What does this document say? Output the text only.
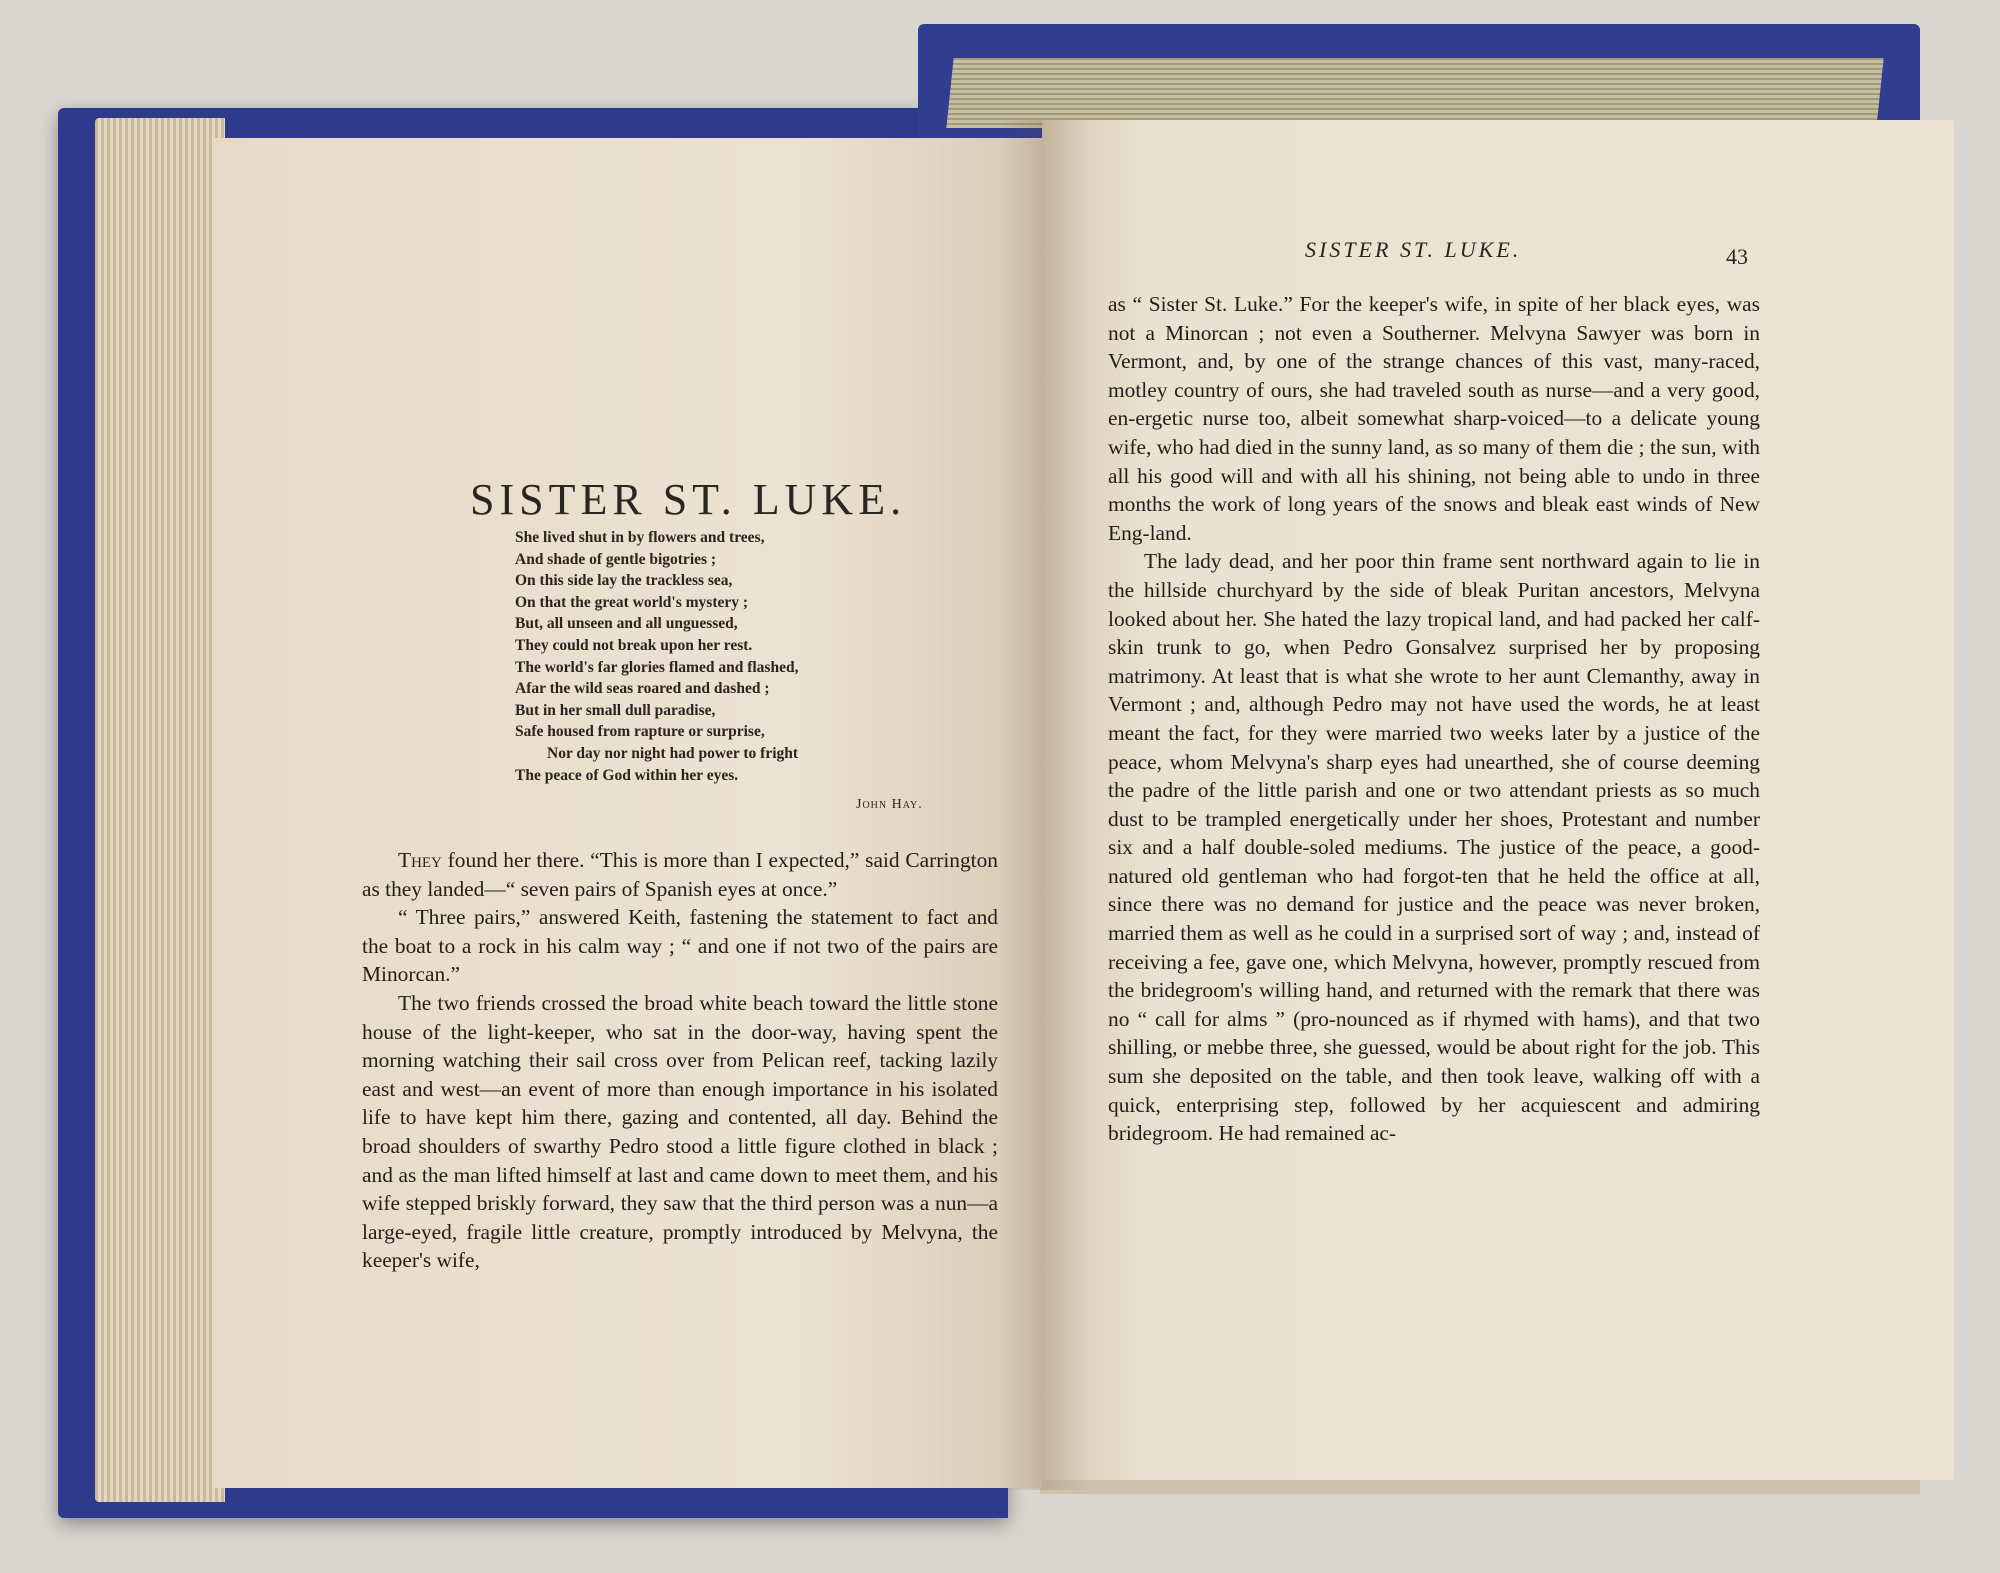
SISTER ST. LUKE.
She lived shut in by flowers and trees,
And shade of gentle bigotries ;
On this side lay the trackless sea,
On that the great world's mystery ;
But, all unseen and all unguessed,
They could not break upon her rest.
The world's far glories flamed and flashed,
Afar the wild seas roared and dashed ;
But in her small dull paradise,
Safe housed from rapture or surprise,
Nor day nor night had power to fright
The peace of God within her eyes.
John Hay.

They found her there. “This is more than I expected,” said Carrington as they landed—“ seven pairs of Spanish eyes at once.”

“ Three pairs,” answered Keith, fastening the statement to fact and the boat to a rock in his calm way ; “ and one if not two of the pairs are Minorcan.”

The two friends crossed the broad white beach toward the little stone house of the light-keeper, who sat in the door-way, having spent the morning watching their sail cross over from Pelican reef, tacking lazily east and west—an event of more than enough importance in his isolated life to have kept him there, gazing and contented, all day. Behind the broad shoulders of swarthy Pedro stood a little figure clothed in black ; and as the man lifted himself at last and came down to meet them, and his wife stepped briskly forward, they saw that the third person was a nun—a large-eyed, fragile little creature, promptly introduced by Melvyna, the keeper's wife,

SISTER ST. LUKE.	43

as “ Sister St. Luke.” For the keeper's wife, in spite of her black eyes, was not a Minorcan ; not even a Southerner. Melvyna Sawyer was born in Vermont, and, by one of the strange chances of this vast, many-raced, motley country of ours, she had traveled south as nurse—and a very good, en-ergetic nurse too, albeit somewhat sharp-voiced—to a delicate young wife, who had died in the sunny land, as so many of them die ; the sun, with all his good will and with all his shining, not being able to undo in three months the work of long years of the snows and bleak east winds of New Eng-land.

The lady dead, and her poor thin frame sent northward again to lie in the hillside churchyard by the side of bleak Puritan ancestors, Melvyna looked about her. She hated the lazy tropical land, and had packed her calf-skin trunk to go, when Pedro Gonsalvez surprised her by proposing matrimony. At least that is what she wrote to her aunt Clemanthy, away in Vermont ; and, although Pedro may not have used the words, he at least meant the fact, for they were married two weeks later by a justice of the peace, whom Melvyna's sharp eyes had unearthed, she of course deeming the padre of the little parish and one or two attendant priests as so much dust to be trampled energetically under her shoes, Protestant and number six and a half double-soled mediums. The justice of the peace, a good-natured old gentleman who had forgot-ten that he held the office at all, since there was no demand for justice and the peace was never broken, married them as well as he could in a surprised sort of way ; and, instead of receiving a fee, gave one, which Melvyna, however, promptly rescued from the bridegroom's willing hand, and returned with the remark that there was no “ call for alms ” (pro-nounced as if rhymed with hams), and that two shilling, or mebbe three, she guessed, would be about right for the job. This sum she deposited on the table, and then took leave, walking off with a quick, enterprising step, followed by her acquiescent and admiring bridegroom. He had remained ac-
